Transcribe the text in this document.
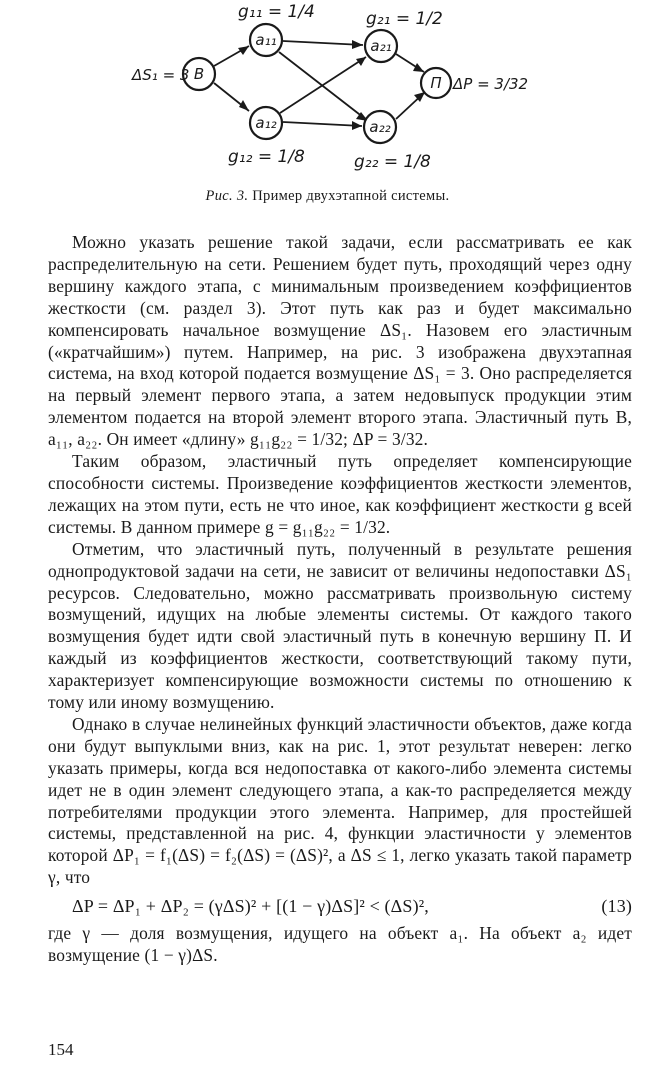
B
a₁₁
a₁₂
a₂₁
a₂₂
П
g₁₁ = 1/4	g₂₁ = 1/2
g₁₂ = 1/8	g₂₂ = 1/8
ΔS₁ = 3	ΔP = 3/32
Рис. 3. Пример двухэтапной системы.

Можно указать решение такой задачи, если рассматривать ее как распределительную на сети. Решением будет путь, проходящий через одну вершину каждого этапа, с минимальным произведением коэффициентов жесткости (см. раздел 3). Этот путь как раз и будет максимально компенсировать начальное возмущение ΔS₁. Назовем его эластичным («кратчайшим») путем. Например, на рис. 3 изображена двухэтапная система, на вход которой подается возмущение ΔS₁ = 3. Оно распределяется на первый элемент первого этапа, а затем недовыпуск продукции этим элементом подается на второй элемент второго этапа. Эластичный путь B, a₁₁, a₂₂. Он имеет «длину» g₁₁g₂₂ = 1/32; ΔP = 3/32.

Таким образом, эластичный путь определяет компенсирующие способности системы. Произведение коэффициентов жесткости элементов, лежащих на этом пути, есть не что иное, как коэффициент жесткости g всей системы. В данном примере g = g₁₁g₂₂ = 1/32.

Отметим, что эластичный путь, полученный в результате решения однопродуктовой задачи на сети, не зависит от величины недопоставки ΔS₁ ресурсов. Следовательно, можно рассматривать произвольную систему возмущений, идущих на любые элементы системы. От каждого такого возмущения будет идти свой эластичный путь в конечную вершину П. И каждый из коэффициентов жесткости, соответствующий такому пути, характеризует компенсирующие возможности системы по отношению к тому или иному возмущению.

Однако в случае нелинейных функций эластичности объектов, даже когда они будут выпуклыми вниз, как на рис. 1, этот результат неверен: легко указать примеры, когда вся недопоставка от какого-либо элемента системы идет не в один элемент следующего этапа, а как-то распределяется между потребителями продукции этого элемента. Например, для простейшей системы, представленной на рис. 4, функции эластичности у элементов которой ΔP₁ = f₁(ΔS) = f₂(ΔS) = (ΔS)², a ΔS ≤ 1, легко указать такой параметр γ, что

ΔP = ΔP₁ + ΔP₂ = (γΔS)² + [(1 − γ)ΔS]² < (ΔS)²,	(13)

где γ — доля возмущения, идущего на объект a₁. На объект a₂ идет возмущение (1 − γ)ΔS.

154
